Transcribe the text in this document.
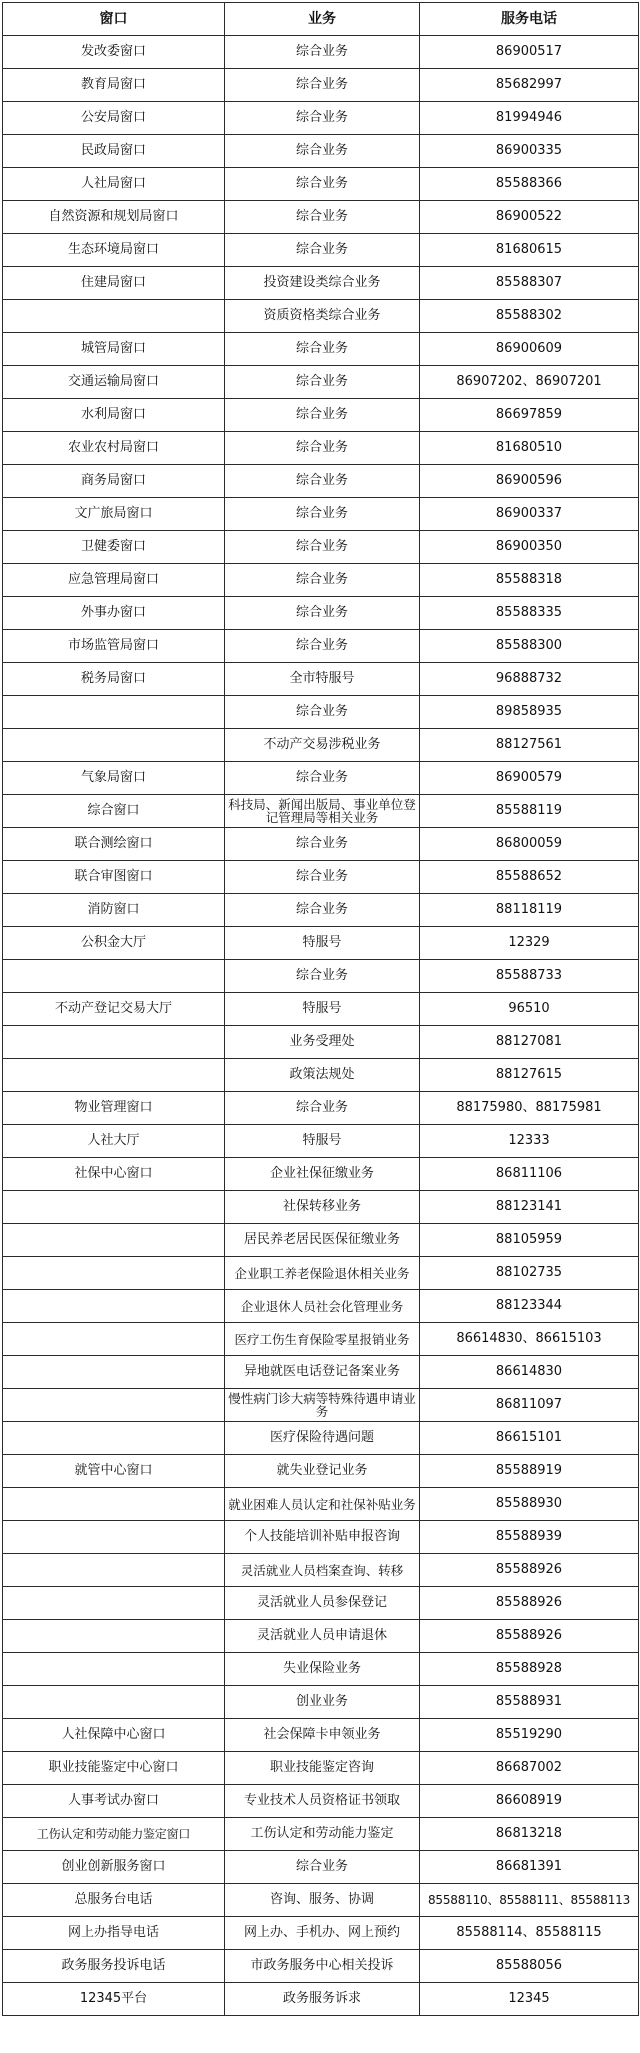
窗口	业务	服务电话
发改委窗口	综合业务	86900517
教育局窗口	综合业务	85682997
公安局窗口	综合业务	81994946
民政局窗口	综合业务	86900335
人社局窗口	综合业务	85588366
自然资源和规划局窗口	综合业务	86900522
生态环境局窗口	综合业务	81680615
住建局窗口	投资建设类综合业务	85588307
	资质资格类综合业务	85588302
城管局窗口	综合业务	86900609
交通运输局窗口	综合业务	86907202、86907201
水利局窗口	综合业务	86697859
农业农村局窗口	综合业务	81680510
商务局窗口	综合业务	86900596
文广旅局窗口	综合业务	86900337
卫健委窗口	综合业务	86900350
应急管理局窗口	综合业务	85588318
外事办窗口	综合业务	85588335
市场监管局窗口	综合业务	85588300
税务局窗口	全市特服号	96888732
	综合业务	89858935
	不动产交易涉税业务	88127561
气象局窗口	综合业务	86900579
综合窗口	科技局、新闻出版局、事业单位登记管理局等相关业务	85588119
联合测绘窗口	综合业务	86800059
联合审图窗口	综合业务	85588652
消防窗口	综合业务	88118119
公积金大厅	特服号	12329
	综合业务	85588733
不动产登记交易大厅	特服号	96510
	业务受理处	88127081
	政策法规处	88127615
物业管理窗口	综合业务	88175980、88175981
人社大厅	特服号	12333
社保中心窗口	企业社保征缴业务	86811106
	社保转移业务	88123141
	居民养老居民医保征缴业务	88105959
	企业职工养老保险退休相关业务	88102735
	企业退休人员社会化管理业务	88123344
	医疗工伤生育保险零星报销业务	86614830、86615103
	异地就医电话登记备案业务	86614830
	慢性病门诊大病等特殊待遇申请业务	86811097
	医疗保险待遇问题	86615101
就管中心窗口	就失业登记业务	85588919
	就业困难人员认定和社保补贴业务	85588930
	个人技能培训补贴申报咨询	85588939
	灵活就业人员档案查询、转移	85588926
	灵活就业人员参保登记	85588926
	灵活就业人员申请退休	85588926
	失业保险业务	85588928
	创业业务	85588931
人社保障中心窗口	社会保障卡申领业务	85519290
职业技能鉴定中心窗口	职业技能鉴定咨询	86687002
人事考试办窗口	专业技术人员资格证书领取	86608919
工伤认定和劳动能力鉴定窗口	工伤认定和劳动能力鉴定	86813218
创业创新服务窗口	综合业务	86681391
总服务台电话	咨询、服务、协调	85588110、85588111、85588113
网上办指导电话	网上办、手机办、网上预约	85588114、85588115
政务服务投诉电话	市政务服务中心相关投诉	85588056
12345平台	政务服务诉求	12345
